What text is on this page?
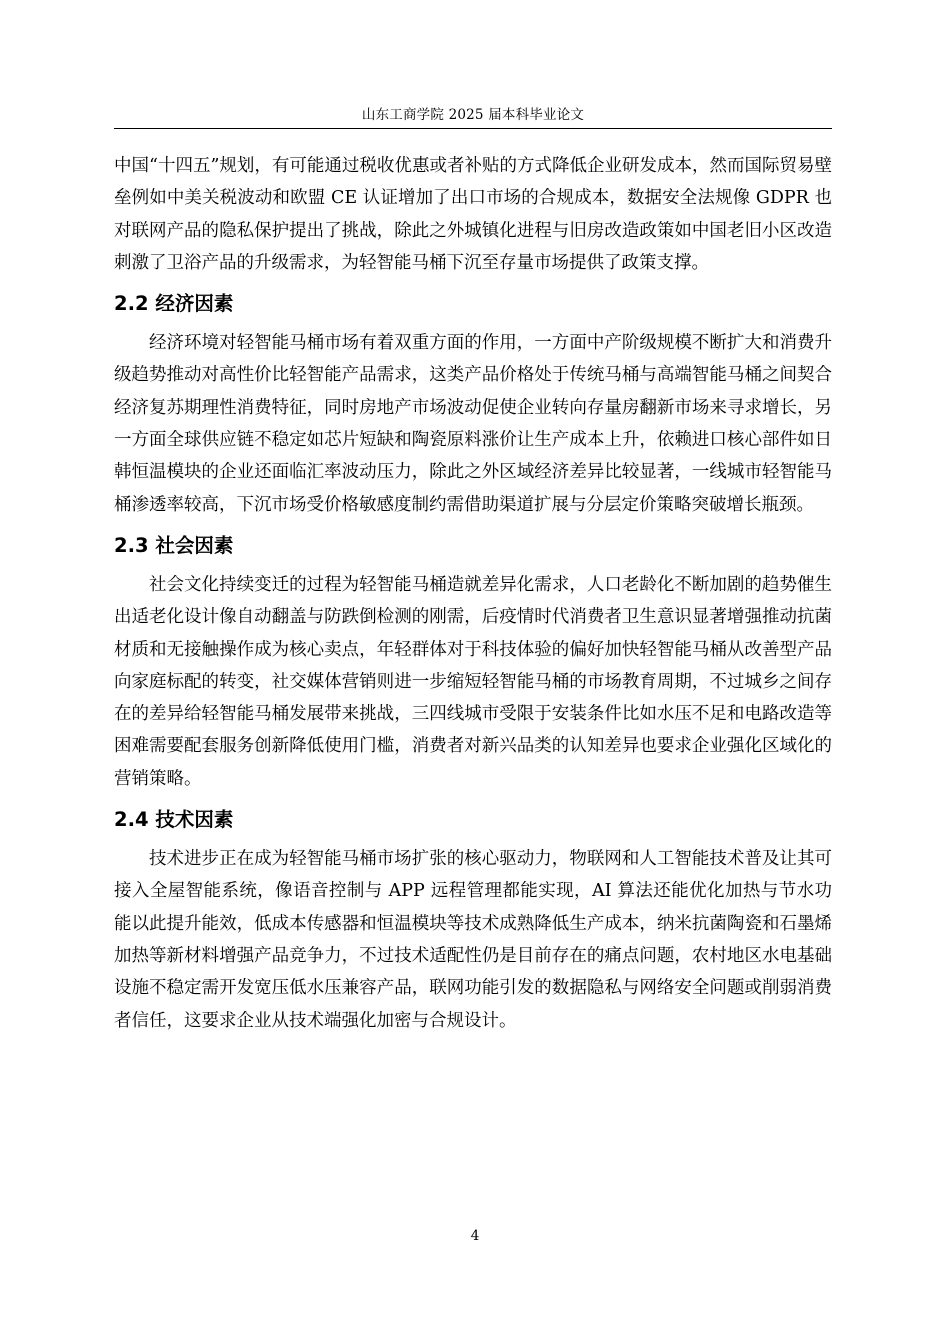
山东工商学院 2025 届本科毕业论文

中国“十四五”规划，有可能通过税收优惠或者补贴的方式降低企业研发成本，然而国际贸易壁垒例如中美关税波动和欧盟 CE 认证增加了出口市场的合规成本，数据安全法规像 GDPR 也对联网产品的隐私保护提出了挑战，除此之外城镇化进程与旧房改造政策如中国老旧小区改造刺激了卫浴产品的升级需求，为轻智能马桶下沉至存量市场提供了政策支撑。

2.2 经济因素

经济环境对轻智能马桶市场有着双重方面的作用，一方面中产阶级规模不断扩大和消费升级趋势推动对高性价比轻智能产品需求，这类产品价格处于传统马桶与高端智能马桶之间契合经济复苏期理性消费特征，同时房地产市场波动促使企业转向存量房翻新市场来寻求增长，另一方面全球供应链不稳定如芯片短缺和陶瓷原料涨价让生产成本上升，依赖进口核心部件如日韩恒温模块的企业还面临汇率波动压力，除此之外区域经济差异比较显著，一线城市轻智能马桶渗透率较高，下沉市场受价格敏感度制约需借助渠道扩展与分层定价策略突破增长瓶颈。

2.3 社会因素

社会文化持续变迁的过程为轻智能马桶造就差异化需求，人口老龄化不断加剧的趋势催生出适老化设计像自动翻盖与防跌倒检测的刚需，后疫情时代消费者卫生意识显著增强推动抗菌材质和无接触操作成为核心卖点，年轻群体对于科技体验的偏好加快轻智能马桶从改善型产品向家庭标配的转变，社交媒体营销则进一步缩短轻智能马桶的市场教育周期，不过城乡之间存在的差异给轻智能马桶发展带来挑战，三四线城市受限于安装条件比如水压不足和电路改造等困难需要配套服务创新降低使用门槛，消费者对新兴品类的认知差异也要求企业强化区域化的营销策略。

2.4 技术因素

技术进步正在成为轻智能马桶市场扩张的核心驱动力，物联网和人工智能技术普及让其可接入全屋智能系统，像语音控制与 APP 远程管理都能实现，AI 算法还能优化加热与节水功能以此提升能效，低成本传感器和恒温模块等技术成熟降低生产成本，纳米抗菌陶瓷和石墨烯加热等新材料增强产品竞争力，不过技术适配性仍是目前存在的痛点问题，农村地区水电基础设施不稳定需开发宽压低水压兼容产品，联网功能引发的数据隐私与网络安全问题或削弱消费者信任，这要求企业从技术端强化加密与合规设计。

4
